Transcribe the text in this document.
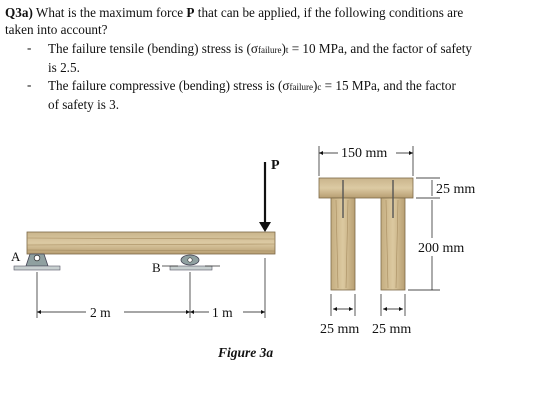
Q3a) What is the maximum force P that can be applied, if the following conditions are
taken into account?
- The failure tensile (bending) stress is (σfailure)t = 10 MPa, and the factor of safety
is 2.5.
- The failure compressive (bending) stress is (σfailure)c = 15 MPa, and the factor
of safety is 3.
P
A
B
2 m	1 m
Figure 3a
150 mm
25 mm
200 mm
25 mm 25 mm
